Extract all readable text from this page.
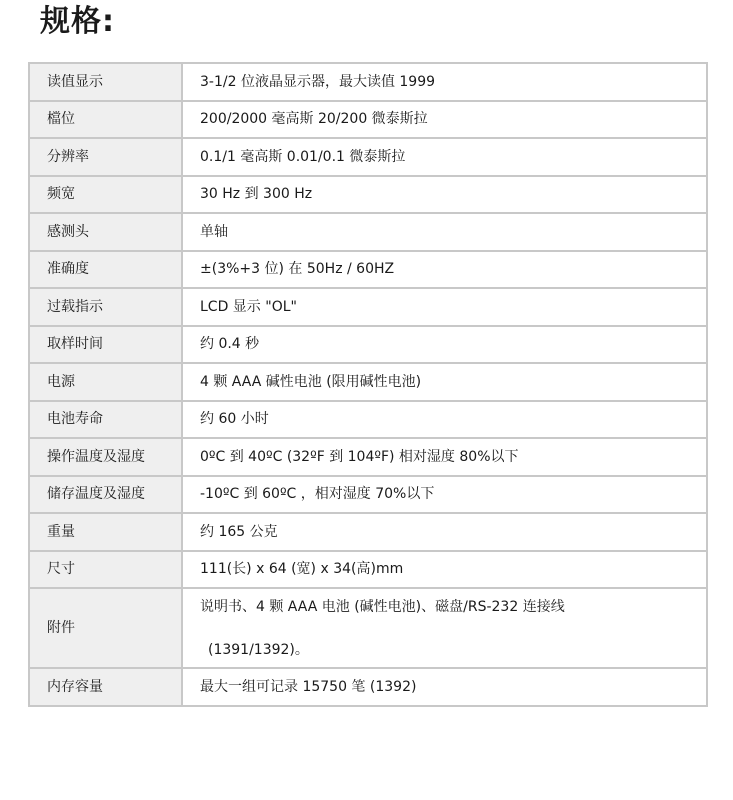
规格:
读值显示	3-1/2 位液晶显示器，最大读值 1999
檔位	200/2000 毫高斯 20/200 微泰斯拉
分辨率	0.1/1 毫高斯 0.01/0.1 微泰斯拉
频宽	30 Hz 到 300 Hz
感测头	单轴
准确度	±(3%+3 位) 在 50Hz / 60HZ
过载指示	LCD 显示 "OL"
取样时间	约 0.4 秒
电源	4 颗 AAA 碱性电池 (限用碱性电池)
电池寿命	约 60 小时
操作温度及湿度	0ºC 到 40ºC (32ºF 到 104ºF) 相对湿度 80%以下
储存温度及湿度	-10ºC 到 60ºC ，相对湿度 70%以下
重量	约 165 公克
尺寸	111(长) x 64 (宽) x 34(高)mm
附件	说明书、4 颗 AAA 电池 (碱性电池)、磁盘/RS-232 连接线
(1391/1392)。

内存容量	最大一组可记录 15750 笔 (1392)
